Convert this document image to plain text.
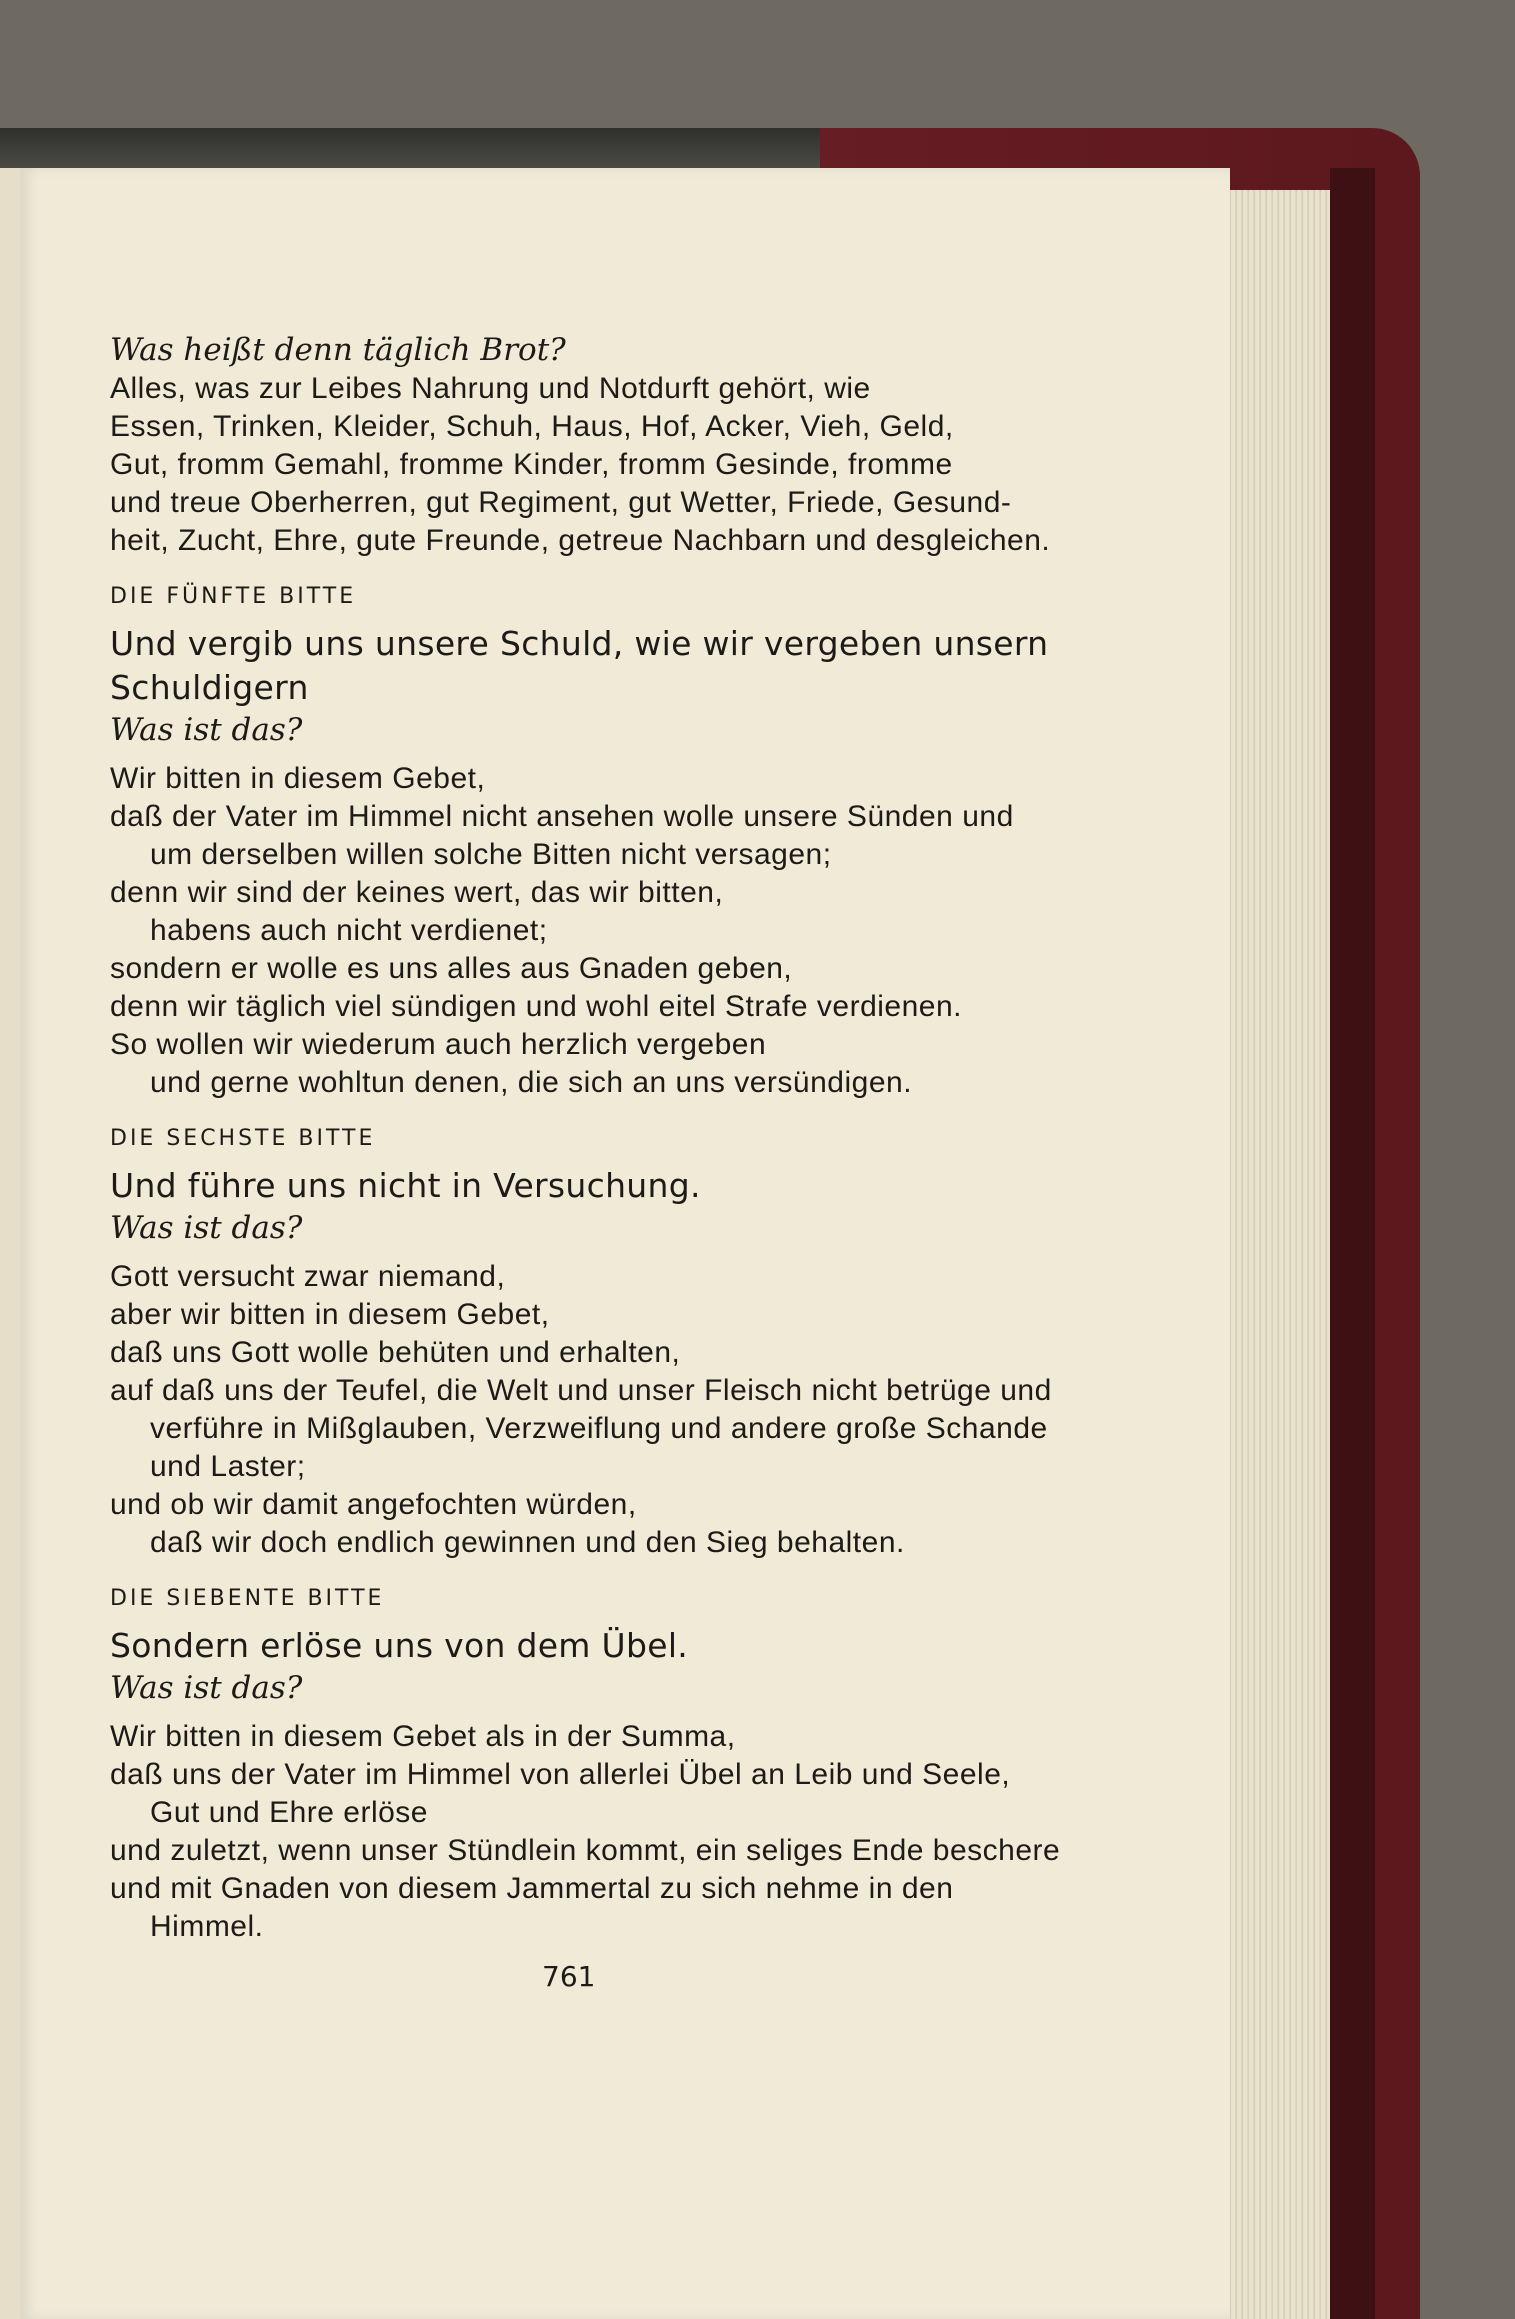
Was heißt denn täglich Brot?

Alles, was zur Leibes Nahrung und Notdurft gehört, wie
Essen, Trinken, Kleider, Schuh, Haus, Hof, Acker, Vieh, Geld,
Gut, fromm Gemahl, fromme Kinder, fromm Gesinde, fromme
und treue Oberherren, gut Regiment, gut Wetter, Friede, Gesund-
heit, Zucht, Ehre, gute Freunde, getreue Nachbarn und desgleichen.

DIE FÜNFTE BITTE

Und vergib uns unsere Schuld, wie wir vergeben unsern Schuldigern

Was ist das?

Wir bitten in diesem Gebet,
daß der Vater im Himmel nicht ansehen wolle unsere Sünden und
um derselben willen solche Bitten nicht versagen;
denn wir sind der keines wert, das wir bitten,
habens auch nicht verdienet;
sondern er wolle es uns alles aus Gnaden geben,
denn wir täglich viel sündigen und wohl eitel Strafe verdienen.
So wollen wir wiederum auch herzlich vergeben
und gerne wohltun denen, die sich an uns versündigen.

DIE SECHSTE BITTE

Und führe uns nicht in Versuchung.

Was ist das?

Gott versucht zwar niemand,
aber wir bitten in diesem Gebet,
daß uns Gott wolle behüten und erhalten,
auf daß uns der Teufel, die Welt und unser Fleisch nicht betrüge und
verführe in Mißglauben, Verzweiflung und andere große Schande
und Laster;
und ob wir damit angefochten würden,
daß wir doch endlich gewinnen und den Sieg behalten.

DIE SIEBENTE BITTE

Sondern erlöse uns von dem Übel.

Was ist das?

Wir bitten in diesem Gebet als in der Summa,
daß uns der Vater im Himmel von allerlei Übel an Leib und Seele,
Gut und Ehre erlöse
und zuletzt, wenn unser Stündlein kommt, ein seliges Ende beschere
und mit Gnaden von diesem Jammertal zu sich nehme in den
Himmel.
761
